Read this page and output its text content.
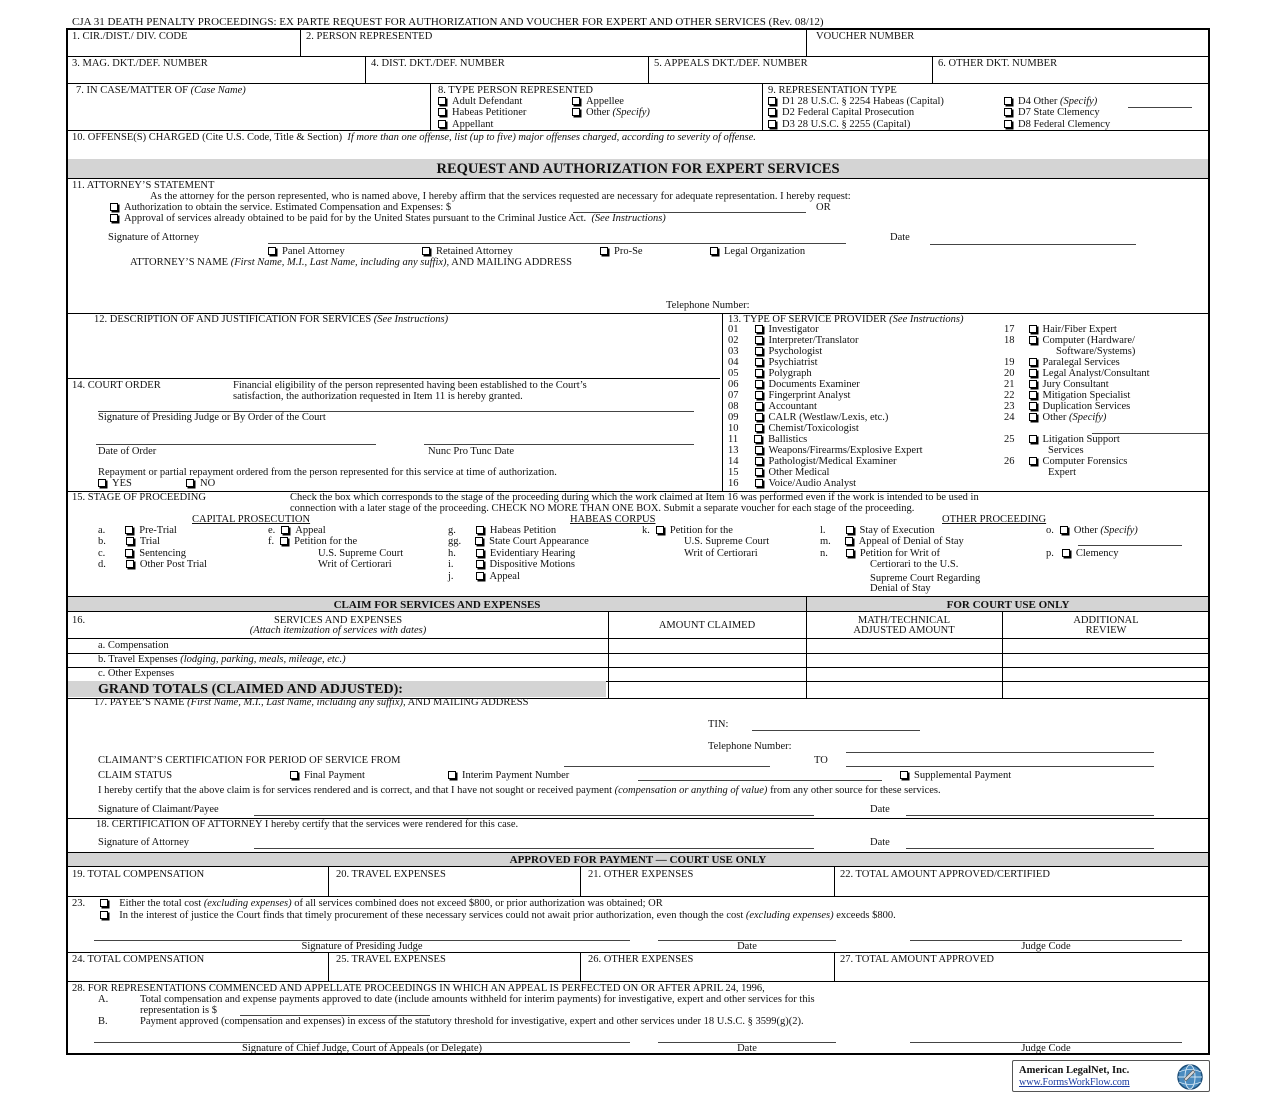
CJA 31 DEATH PENALTY PROCEEDINGS: EX PARTE REQUEST FOR AUTHORIZATION AND VOUCHER FOR EXPERT AND OTHER SERVICES (Rev. 08/12)
1. CIR./DIST./ DIV. CODE	2. PERSON REPRESENTED	VOUCHER NUMBER
3. MAG. DKT./DEF. NUMBER	4. DIST. DKT./DEF. NUMBER	5. APPEALS DKT./DEF. NUMBER	6. OTHER DKT. NUMBER
7. IN CASE/MATTER OF (Case Name)	8. TYPE PERSON REPRESENTED
Adult Defendant
Habeas Petitioner
Appellant
Appellee
Other (Specify)
9. REPRESENTATION TYPE
D1 28 U.S.C. § 2254 Habeas (Capital)
D2 Federal Capital Prosecution
D3 28 U.S.C. § 2255 (Capital)
D4 Other (Specify)
D7 State Clemency
D8 Federal Clemency
10. OFFENSE(S) CHARGED (Cite U.S. Code, Title & Section) If more than one offense, list (up to five) major offenses charged, according to severity of offense.
REQUEST AND AUTHORIZATION FOR EXPERT SERVICES
11. ATTORNEY’S STATEMENT
As the attorney for the person represented, who is named above, I hereby affirm that the services requested are necessary for adequate representation. I hereby request:
Authorization to obtain the service. Estimated Compensation and Expenses: $	OR
Approval of services already obtained to be paid for by the United States pursuant to the Criminal Justice Act. (See Instructions)
Signature of Attorney	Date
Panel Attorney	Retained Attorney	Pro-Se	Legal Organization
ATTORNEY’S NAME (First Name, M.I., Last Name, including any suffix), AND MAILING ADDRESS
Telephone Number:
12. DESCRIPTION OF AND JUSTIFICATION FOR SERVICES (See Instructions)	13. TYPE OF SERVICE PROVIDER (See Instructions)
14. COURT ORDER	Financial eligibility of the person represented having been established to the Court’s
satisfaction, the authorization requested in Item 11 is hereby granted.
Signature of Presiding Judge or By Order of the Court
Date of Order	Nunc Pro Tunc Date
Repayment or partial repayment ordered from the person represented for this service at time of authorization.
YES	NO
15. STAGE OF PROCEEDING	Check the box which corresponds to the stage of the proceeding during which the work claimed at Item 16 was performed even if the work is intended to be used in
connection with a later stage of the proceeding. CHECK NO MORE THAN ONE BOX. Submit a separate voucher for each stage of the proceeding.
CAPITAL PROSECUTION	HABEAS CORPUS	OTHER PROCEEDING
a.	Pre-Trial
b.	Trial
c.	Sentencing
d.	Other Post Trial
e. Appeal
f. Petition for the
U.S. Supreme Court
Writ of Certiorari
g.	Habeas Petition
gg.	State Court Appearance
h.	Evidentiary Hearing
i.	Dispositive Motions
j.	Appeal
k. Petition for the
U.S. Supreme Court
Writ of Certiorari
l.	Stay of Execution
m.	Appeal of Denial of Stay
n.	Petition for Writ of
Certiorari to the U.S.
Supreme Court Regarding
Denial of Stay
o. Other (Specify)
p. Clemency
CLAIM FOR SERVICES AND EXPENSES	FOR COURT USE ONLY
16.	SERVICES AND EXPENSES
(Attach itemization of services with dates)	AMOUNT CLAIMED	MATH/TECHNICAL
ADJUSTED AMOUNT
ADDITIONAL
REVIEW
a. Compensation
b. Travel Expenses (lodging, parking, meals, mileage, etc.)
c. Other Expenses
GRAND TOTALS (CLAIMED AND ADJUSTED):
17. PAYEE’S NAME (First Name, M.I., Last Name, including any suffix), AND MAILING ADDRESS
TIN:
Telephone Number:
CLAIMANT’S CERTIFICATION FOR PERIOD OF SERVICE FROM	TO
CLAIM STATUS	Final Payment	Interim Payment Number	Supplemental Payment
I hereby certify that the above claim is for services rendered and is correct, and that I have not sought or received payment (compensation or anything of value) from any other source for these services.
Signature of Claimant/Payee	Date
18. CERTIFICATION OF ATTORNEY I hereby certify that the services were rendered for this case.
Signature of Attorney	Date
APPROVED FOR PAYMENT — COURT USE ONLY
19. TOTAL COMPENSATION	20. TRAVEL EXPENSES	21. OTHER EXPENSES	22. TOTAL AMOUNT APPROVED/CERTIFIED
23.	Either the total cost (excluding expenses) of all services combined does not exceed $800, or prior authorization was obtained; OR
In the interest of justice the Court finds that timely procurement of these necessary services could not await prior authorization, even though the cost (excluding expenses) exceeds $800.
Signature of Presiding Judge	Date	Judge Code
24. TOTAL COMPENSATION	25. TRAVEL EXPENSES	26. OTHER EXPENSES	27. TOTAL AMOUNT APPROVED
28. FOR REPRESENTATIONS COMMENCED AND APPELLATE PROCEEDINGS IN WHICH AN APPEAL IS PERFECTED ON OR AFTER APRIL 24, 1996,
A.	Total compensation and expense payments approved to date (include amounts withheld for interim payments) for investigative, expert and other services for this
representation is $
B.	Payment approved (compensation and expenses) in excess of the statutory threshold for investigative, expert and other services under 18 U.S.C. § 3599(g)(2).
Signature of Chief Judge, Court of Appeals (or Delegate)	Date	Judge Code
01	Investigator
02	Interpreter/Translator
03	Psychologist
04	Psychiatrist
05	Polygraph
06	Documents Examiner
07	Fingerprint Analyst
08	Accountant
09	CALR (Westlaw/Lexis, etc.)
10	Chemist/Toxicologist
11	Ballistics
13	Weapons/Firearms/Explosive Expert
14	Pathologist/Medical Examiner
15	Other Medical
16	Voice/Audio Analyst
17	Hair/Fiber Expert
18	Computer (Hardware/
Software/Systems)
19	Paralegal Services
20	Legal Analyst/Consultant
21	Jury Consultant
22	Mitigation Specialist
23	Duplication Services
24	Other (Specify)
25	Litigation Support
Services
26	Computer Forensics
Expert
American LegalNet, Inc.
www.FormsWorkFlow.com
